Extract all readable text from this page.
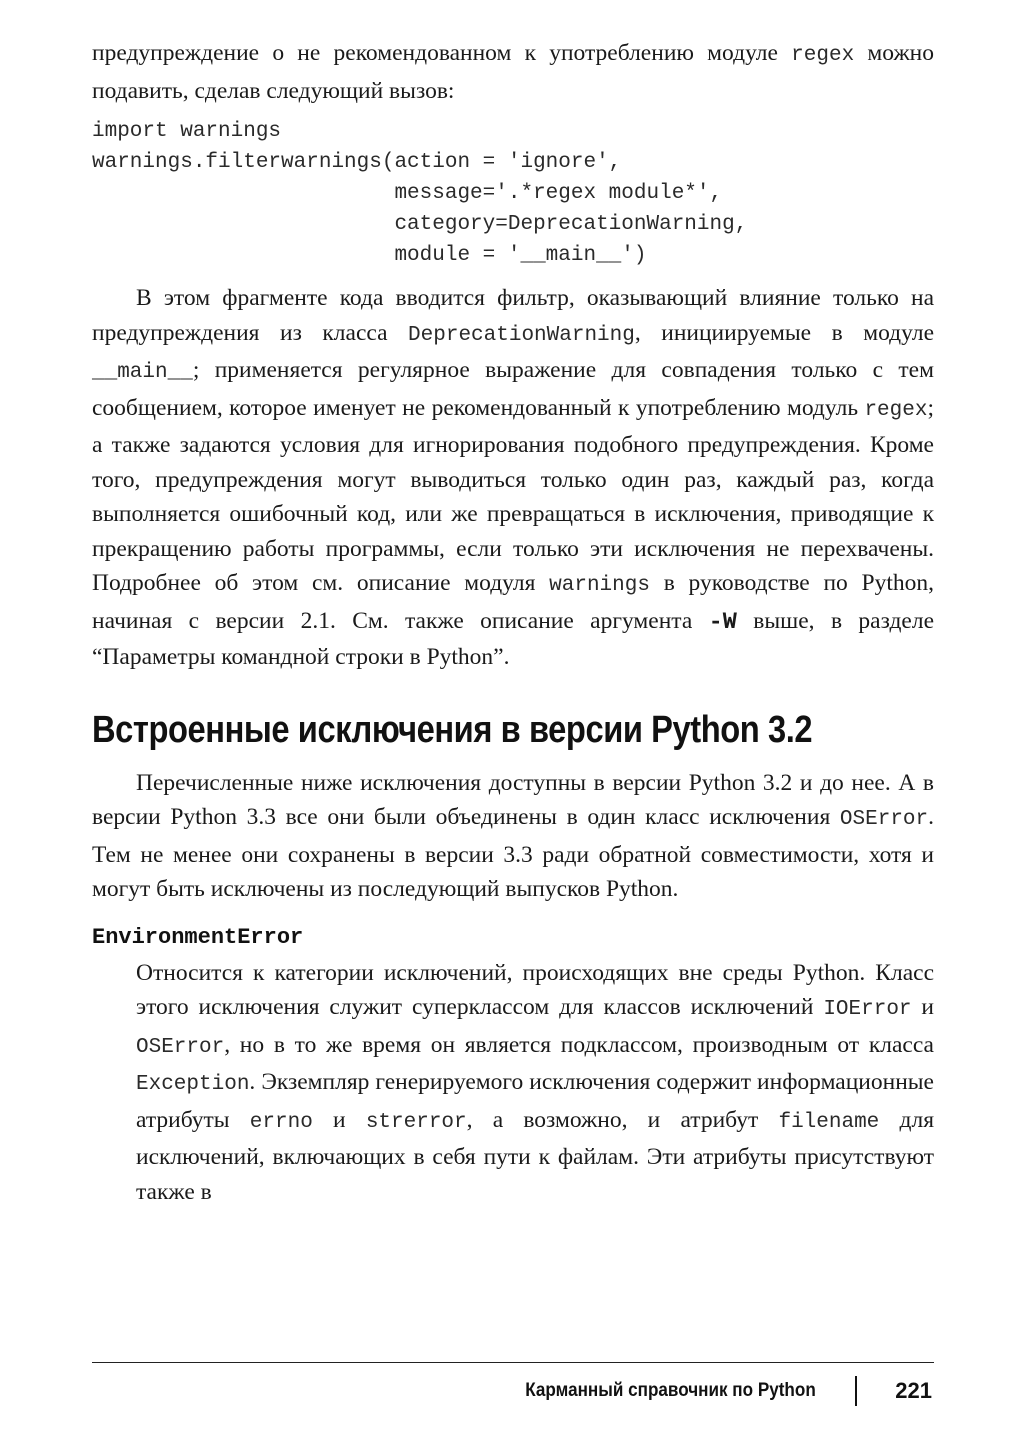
предупреждение о не рекомендованном к употреблению модуле regex можно подавить, сделав следующий вызов:

import warnings
warnings.filterwarnings(action = 'ignore',
message='.*regex module*',
category=DeprecationWarning,
module = '__main__')

В этом фрагменте кода вводится фильтр, оказывающий влияние только на предупреждения из класса DeprecationWarning, инициируемые в модуле __main__; применяется регулярное выражение для совпадения только с тем сообщением, которое именует не рекомендованный к употреблению модуль regex; а также задаются условия для игнорирования подобного предупреждения. Кроме того, предупреждения могут выводиться только один раз, каждый раз, когда выполняется ошибочный код, или же превращаться в исключения, приводящие к прекращению работы программы, если только эти исключения не перехвачены. Подробнее об этом см. описание модуля warnings в руководстве по Python, начиная с версии 2.1. См. также описание аргумента -W выше, в разделе “Параметры командной строки в Python”.

Встроенные исключения в версии Python 3.2

Перечисленные ниже исключения доступны в версии Python 3.2 и до нее. А в версии Python 3.3 все они были объединены в один класс исключения OSError. Тем не менее они сохранены в версии 3.3 ради обратной совместимости, хотя и могут быть исключены из последующий выпусков Python.

EnvironmentError

Относится к категории исключений, происходящих вне среды Python. Класс этого исключения служит суперклассом для классов исключений IOError и OSError, но в то же время он является подклассом, производным от класса Exception. Экземпляр генерируемого исключения содержит информационные атрибуты errno и strerror, а возможно, и атрибут filename для исключений, включающих в себя пути к файлам. Эти атрибуты присутствуют также в

Карманный справочник по Python	221
